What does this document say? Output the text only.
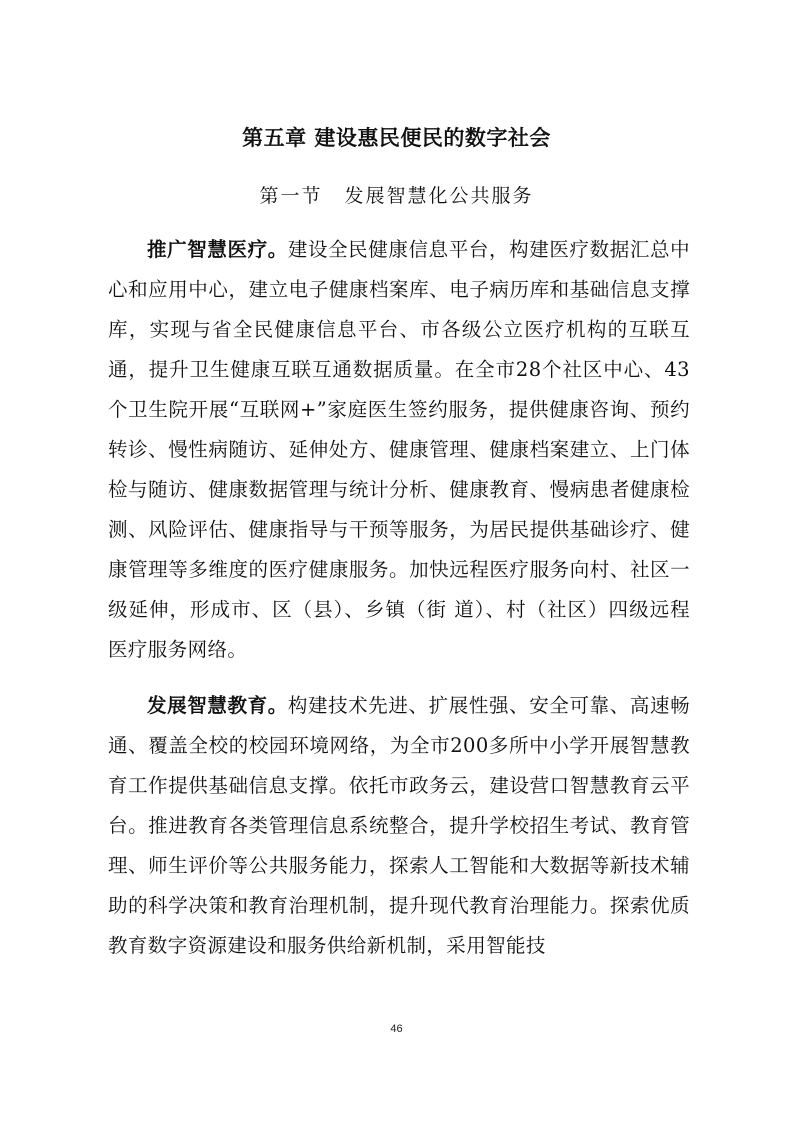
第五章 建设惠民便民的数字社会
第一节 发展智慧化公共服务

推广智慧医疗。建设全民健康信息平台，构建医疗数据汇总中心和应用中心，建立电子健康档案库、电子病历库和基础信息支撑库，实现与省全民健康信息平台、市各级公立医疗机构的互联互通，提升卫生健康互联互通数据质量。在全市28个社区中心、43个卫生院开展“互联网+”家庭医生签约服务，提供健康咨询、预约转诊、慢性病随访、延伸处方、健康管理、健康档案建立、上门体检与随访、健康数据管理与统计分析、健康教育、慢病患者健康检测、风险评估、健康指导与干预等服务，为居民提供基础诊疗、健康管理等多维度的医疗健康服务。加快远程医疗服务向村、社区一级延伸，形成市、区（县）、乡镇（街 道）、村（社区）四级远程医疗服务网络。

发展智慧教育。构建技术先进、扩展性强、安全可靠、高速畅通、覆盖全校的校园环境网络，为全市200多所中小学开展智慧教育工作提供基础信息支撑。依托市政务云，建设营口智慧教育云平台。推进教育各类管理信息系统整合，提升学校招生考试、教育管理、师生评价等公共服务能力，探索人工智能和大数据等新技术辅助的科学决策和教育治理机制，提升现代教育治理能力。探索优质教育数字资源建设和服务供给新机制，采用智能技

46
